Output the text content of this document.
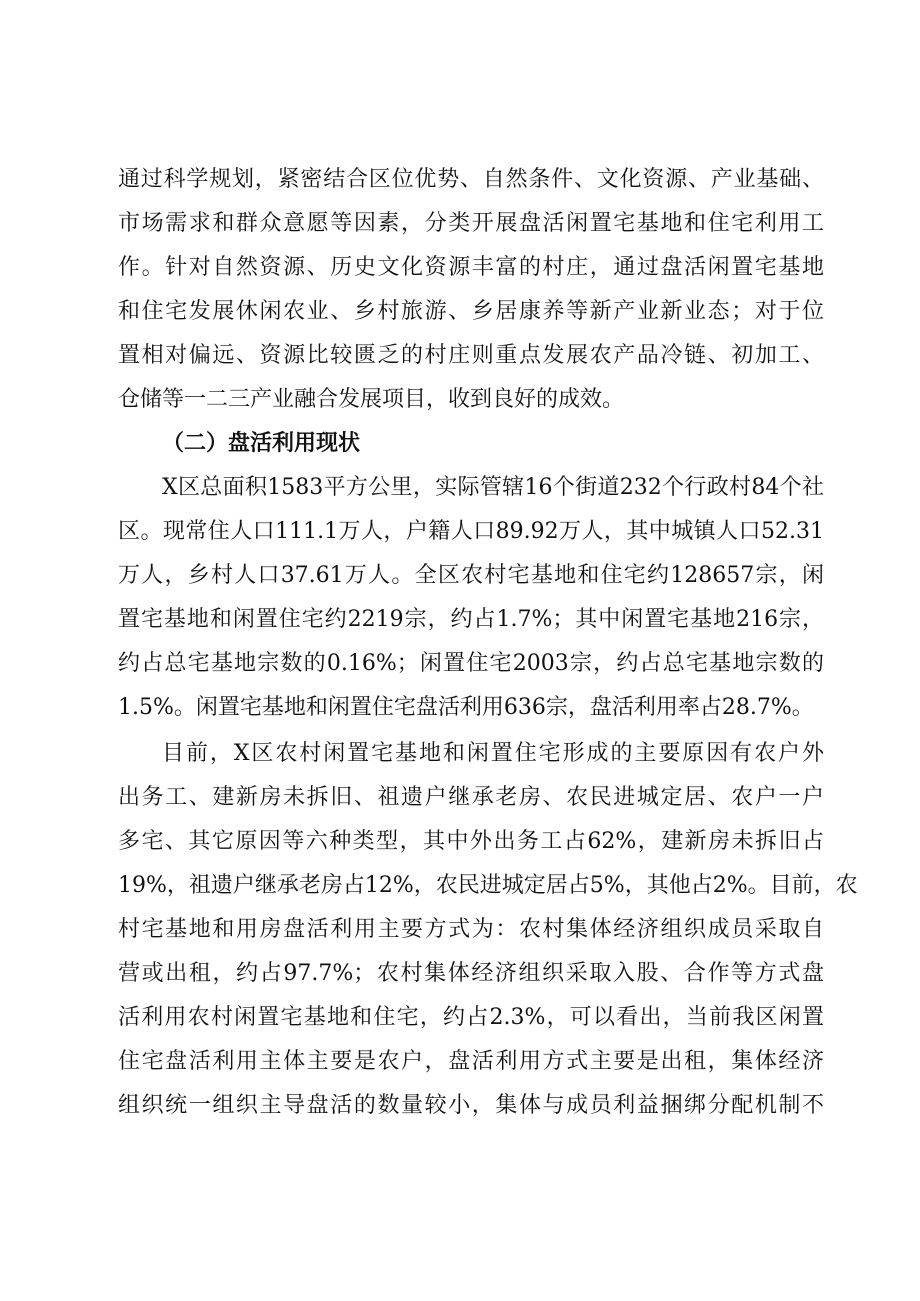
通过科学规划，紧密结合区位优势、自然条件、文化资源、产业基础、
市场需求和群众意愿等因素，分类开展盘活闲置宅基地和住宅利用工
作。针对自然资源、历史文化资源丰富的村庄，通过盘活闲置宅基地
和住宅发展休闲农业、乡村旅游、乡居康养等新产业新业态；对于位
置相对偏远、资源比较匮乏的村庄则重点发展农产品冷链、初加工、
仓储等一二三产业融合发展项目，收到良好的成效。
（二）盘活利用现状
X区总面积1583平方公里，实际管辖16个街道232个行政村84个社
区。现常住人口111.1万人，户籍人口89.92万人，其中城镇人口52.31
万人，乡村人口37.61万人。全区农村宅基地和住宅约128657宗，闲
置宅基地和闲置住宅约2219宗，约占1.7%；其中闲置宅基地216宗，
约占总宅基地宗数的0.16%；闲置住宅2003宗，约占总宅基地宗数的
1.5%。闲置宅基地和闲置住宅盘活利用636宗，盘活利用率占28.7%。
目前，X区农村闲置宅基地和闲置住宅形成的主要原因有农户外
出务工、建新房未拆旧、祖遗户继承老房、农民进城定居、农户一户
多宅、其它原因等六种类型，其中外出务工占62%，建新房未拆旧占
19%，祖遗户继承老房占12%，农民进城定居占5%，其他占2%。目前，农
村宅基地和用房盘活利用主要方式为：农村集体经济组织成员采取自
营或出租，约占97.7%；农村集体经济组织采取入股、合作等方式盘
活利用农村闲置宅基地和住宅，约占2.3%，可以看出，当前我区闲置
住宅盘活利用主体主要是农户，盘活利用方式主要是出租，集体经济
组织统一组织主导盘活的数量较小，集体与成员利益捆绑分配机制不
